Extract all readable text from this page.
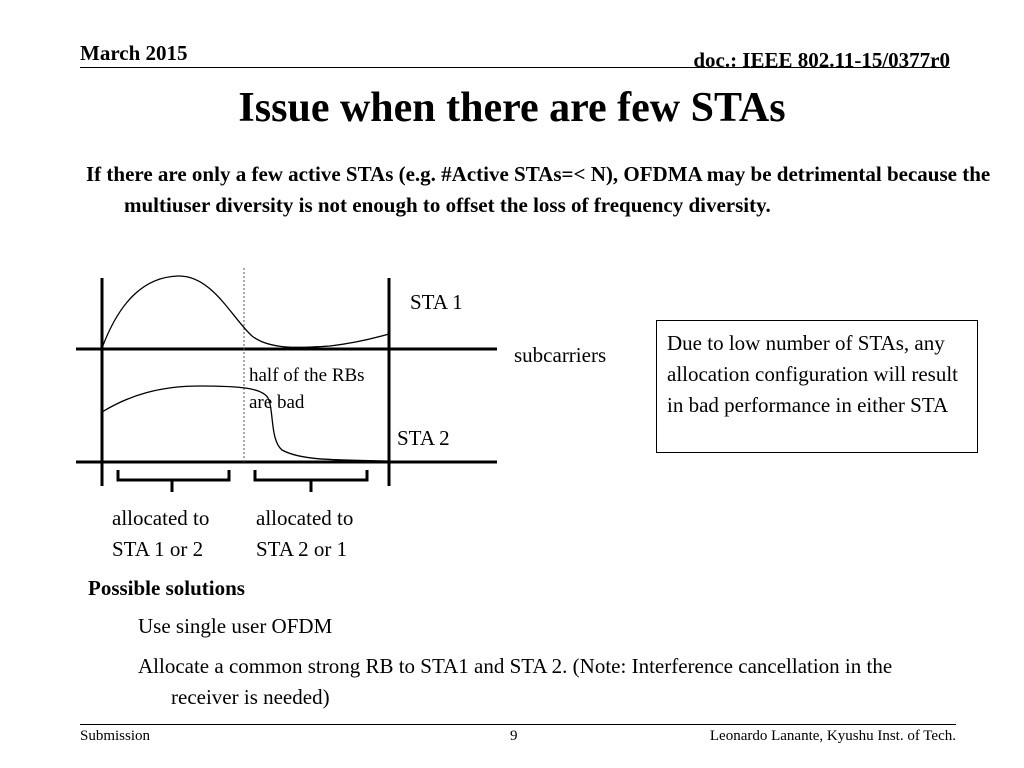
March 2015	doc.: IEEE 802.11-15/0377r0
Issue when there are few STAs
If there are only a few active STAs (e.g. #Active STAs=< N), OFDMA may be detrimental because the multiuser diversity is not enough to offset the loss of frequency diversity.
STA 1
STA 2
subcarriers
half of the RBs
are bad
allocated to
STA 1 or 2
allocated to
STA 2 or 1
Due to low number of STAs, any allocation configuration will result in bad performance in either STA
Possible solutions
Use single user OFDM
Allocate a common strong RB to STA1 and STA 2. (Note: Interference cancellation in the receiver is needed)
Submission	9	Leonardo Lanante, Kyushu Inst. of Tech.
